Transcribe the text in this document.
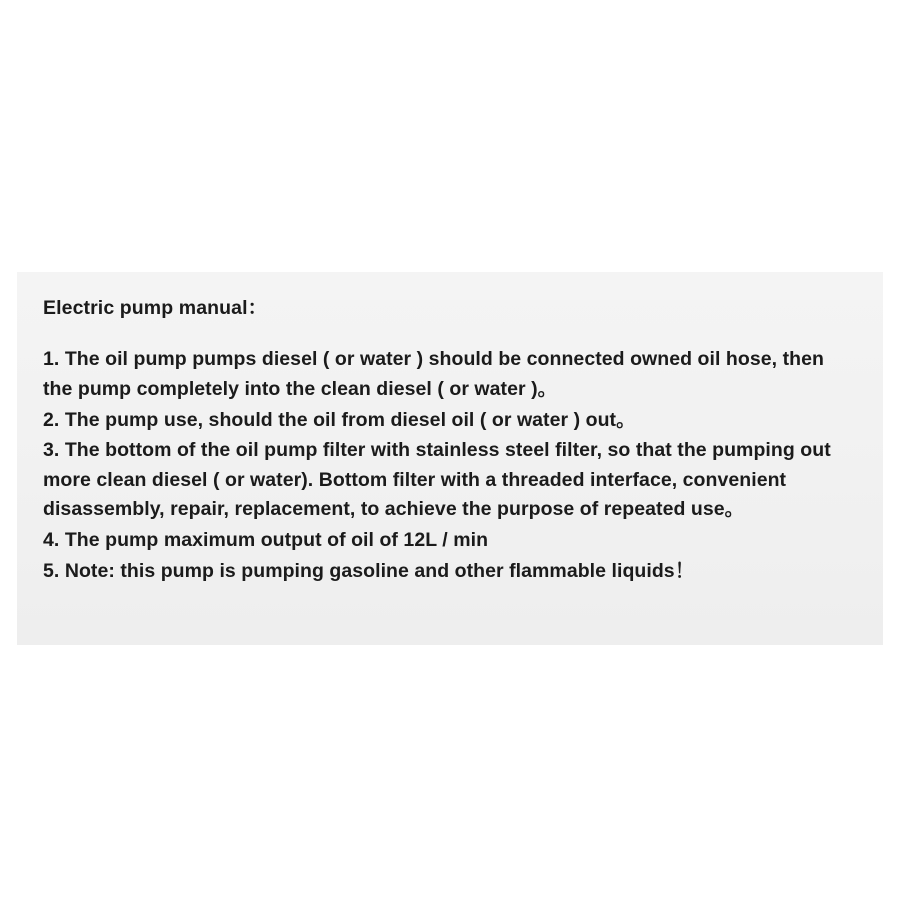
Electric pump manual：

1. The oil pump pumps diesel ( or water ) should be connected owned oil hose, then the pump completely into the clean diesel ( or water )。
2. The pump use, should the oil from diesel oil ( or water ) out。
3. The bottom of the oil pump filter with stainless steel filter, so that the pumping out more clean diesel ( or water). Bottom filter with a threaded interface, convenient disassembly, repair, replacement, to achieve the purpose of repeated use。
4. The pump maximum output of oil of 12L / min
5. Note: this pump is pumping gasoline and other flammable liquids！
